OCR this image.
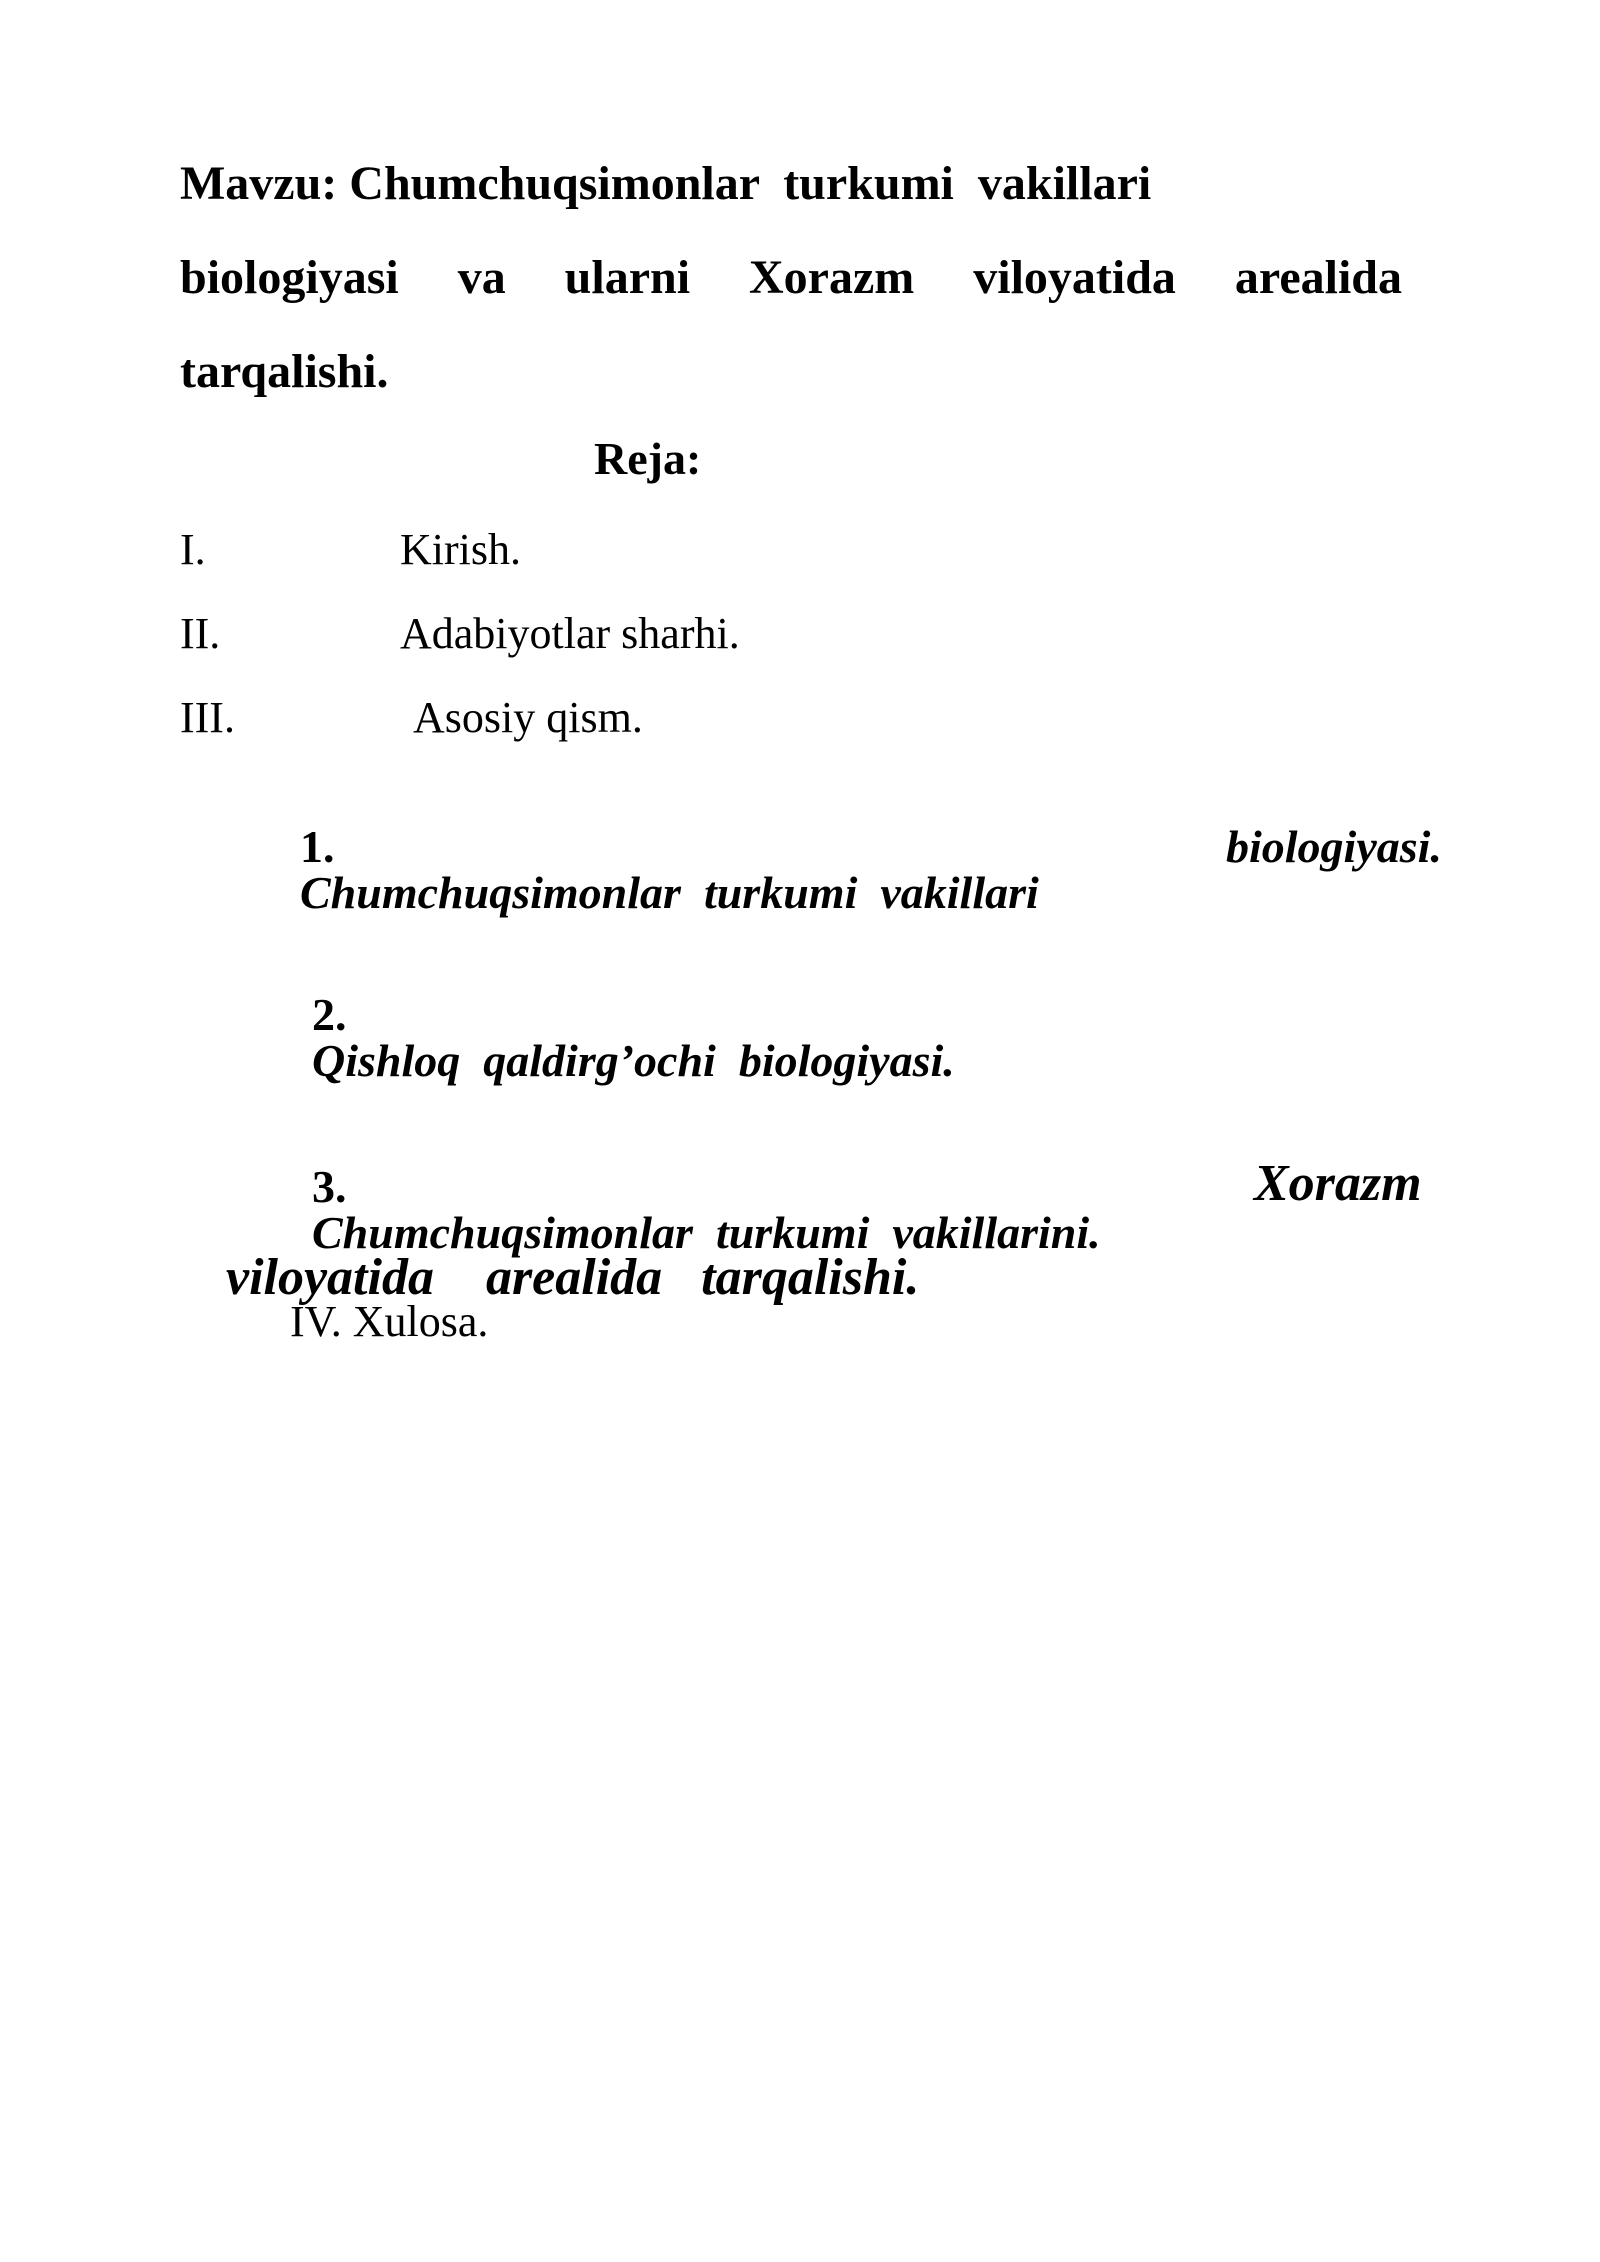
Mavzu: Chumchuqsimonlar  turkumi  vakillari
biologiyasi va ularni Xorazm viloyatida arealida
tarqalishi.
Reja:
I.	Kirish.
II.	Adabiyotlar sharhi.
III.	Asosiy qism.

1.
Chumchuqsimonlar  turkumi  vakillari

biologiyasi.

2.
Qishloq  qaldirg’ochi  biologiyasi.

3.
Chumchuqsimonlar  turkumi  vakillarini.

Xorazm

viloyatida    arealida   tarqalishi.

IV. Xulosa.
